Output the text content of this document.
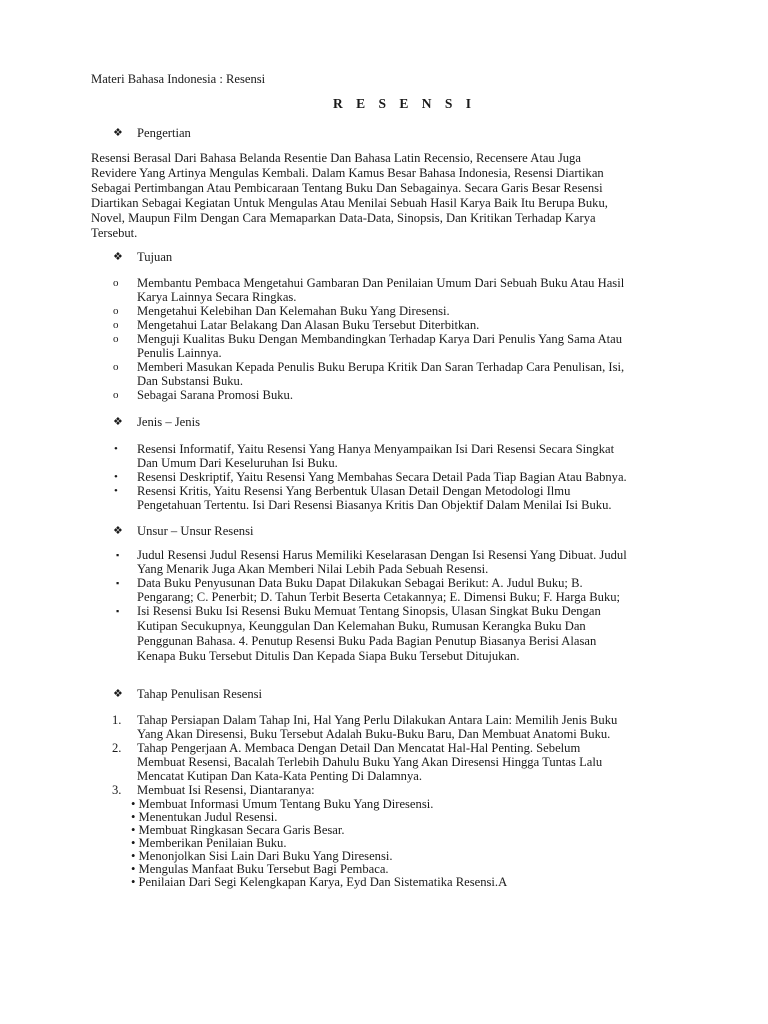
Materi Bahasa Indonesia : Resensi
R E S E N S I
❖ Pengertian
Resensi Berasal Dari Bahasa Belanda Resentie Dan Bahasa Latin Recensio, Recensere Atau Juga
Revidere Yang Artinya Mengulas Kembali. Dalam Kamus Besar Bahasa Indonesia, Resensi Diartikan
Sebagai Pertimbangan Atau Pembicaraan Tentang Buku Dan Sebagainya. Secara Garis Besar Resensi
Diartikan Sebagai Kegiatan Untuk Mengulas Atau Menilai Sebuah Hasil Karya Baik Itu Berupa Buku,
Novel, Maupun Film Dengan Cara Memaparkan Data-Data, Sinopsis, Dan Kritikan Terhadap Karya
Tersebut.
❖ Tujuan
o Membantu Pembaca Mengetahui Gambaran Dan Penilaian Umum Dari Sebuah Buku Atau Hasil
Karya Lainnya Secara Ringkas.
o Mengetahui Kelebihan Dan Kelemahan Buku Yang Diresensi.
o Mengetahui Latar Belakang Dan Alasan Buku Tersebut Diterbitkan.
o Menguji Kualitas Buku Dengan Membandingkan Terhadap Karya Dari Penulis Yang Sama Atau
Penulis Lainnya.
o Memberi Masukan Kepada Penulis Buku Berupa Kritik Dan Saran Terhadap Cara Penulisan, Isi,
Dan Substansi Buku.
o Sebagai Sarana Promosi Buku.
❖ Jenis – Jenis
• Resensi Informatif, Yaitu Resensi Yang Hanya Menyampaikan Isi Dari Resensi Secara Singkat
Dan Umum Dari Keseluruhan Isi Buku.
• Resensi Deskriptif, Yaitu Resensi Yang Membahas Secara Detail Pada Tiap Bagian Atau Babnya.
• Resensi Kritis, Yaitu Resensi Yang Berbentuk Ulasan Detail Dengan Metodologi Ilmu
Pengetahuan Tertentu. Isi Dari Resensi Biasanya Kritis Dan Objektif Dalam Menilai Isi Buku.
❖ Unsur – Unsur Resensi
▪ Judul Resensi Judul Resensi Harus Memiliki Keselarasan Dengan Isi Resensi Yang Dibuat. Judul
Yang Menarik Juga Akan Memberi Nilai Lebih Pada Sebuah Resensi.
▪ Data Buku Penyusunan Data Buku Dapat Dilakukan Sebagai Berikut: A. Judul Buku; B.
Pengarang; C. Penerbit; D. Tahun Terbit Beserta Cetakannya; E. Dimensi Buku; F. Harga Buku;
▪ Isi Resensi Buku Isi Resensi Buku Memuat Tentang Sinopsis, Ulasan Singkat Buku Dengan
Kutipan Secukupnya, Keunggulan Dan Kelemahan Buku, Rumusan Kerangka Buku Dan
Penggunan Bahasa. 4. Penutup Resensi Buku Pada Bagian Penutup Biasanya Berisi Alasan
Kenapa Buku Tersebut Ditulis Dan Kepada Siapa Buku Tersebut Ditujukan.
❖ Tahap Penulisan Resensi
1. Tahap Persiapan Dalam Tahap Ini, Hal Yang Perlu Dilakukan Antara Lain: Memilih Jenis Buku
Yang Akan Diresensi, Buku Tersebut Adalah Buku-Buku Baru, Dan Membuat Anatomi Buku.
2. Tahap Pengerjaan A. Membaca Dengan Detail Dan Mencatat Hal-Hal Penting. Sebelum
Membuat Resensi, Bacalah Terlebih Dahulu Buku Yang Akan Diresensi Hingga Tuntas Lalu
Mencatat Kutipan Dan Kata-Kata Penting Di Dalamnya.
3. Membuat Isi Resensi, Diantaranya:
• Membuat Informasi Umum Tentang Buku Yang Diresensi.
• Menentukan Judul Resensi.
• Membuat Ringkasan Secara Garis Besar.
• Memberikan Penilaian Buku.
• Menonjolkan Sisi Lain Dari Buku Yang Diresensi.
• Mengulas Manfaat Buku Tersebut Bagi Pembaca.
• Penilaian Dari Segi Kelengkapan Karya, Eyd Dan Sistematika Resensi.A
